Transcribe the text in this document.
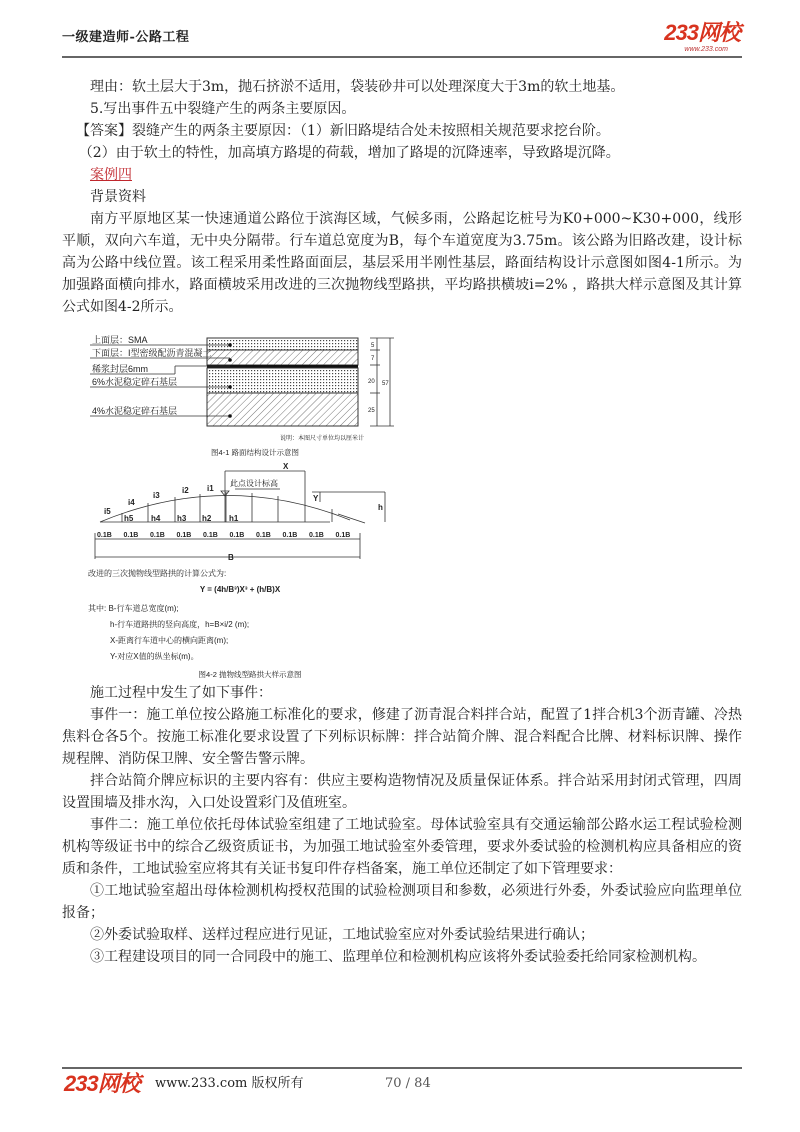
一级建造师-公路工程	233网校
www.233.com

理由：软土层大于3m，抛石挤淤不适用，袋装砂井可以处理深度大于3m的软土地基。

5.写出事件五中裂缝产生的两条主要原因。

【答案】裂缝产生的两条主要原因：（1）新旧路堤结合处未按照相关规范要求挖台阶。

（2）由于软土的特性，加高填方路堤的荷载，增加了路堤的沉降速率，导致路堤沉降。

案例四

背景资料

南方平原地区某一快速通道公路位于滨海区域，气候多雨，公路起讫桩号为K0+000~K30+000，线形平顺，双向六车道，无中央分隔带。行车道总宽度为B，每个车道宽度为3.75m。该公路为旧路改建，设计标高为公路中线位置。该工程采用柔性路面面层，基层采用半刚性基层，路面结构设计示意图如图4-1所示。为加强路面横向排水，路面横坡采用改进的三次抛物线型路拱，平均路拱横坡i=2% ，路拱大样示意图及其计算公式如图4-2所示。

上面层：SMA
下面层：I型密级配沥青混凝土
稀浆封层6mm
6%水泥稳定碎石基层
4%水泥稳定碎石基层
5
7
20
25
57
说明：本图尺寸单位均以厘米计
图4-1 路面结构设计示意图
X
此点设计标高
i5
i4
i3
i2 i1
h5 h4 h3 h2 h1
Y
h
0.1B 0.1B 0.1B 0.1B 0.1B 0.1B 0.1B 0.1B 0.1B 0.1B
B
改进的三次抛物线型路拱的计算公式为:
Y = (4h/B³)X³ + (h/B)X
其中: B-行车道总宽度(m);
h-行车道路拱的竖向高度，h=B×i/2 (m);
X-距离行车道中心的横向距离(m);
Y-对应X值的纵坐标(m)。
图4-2 抛物线型路拱大样示意图

施工过程中发生了如下事件：

事件一：施工单位按公路施工标准化的要求，修建了沥青混合料拌合站，配置了1拌合机3个沥青罐、冷热焦料仓各5个。按施工标准化要求设置了下列标识标牌：拌合站简介牌、混合料配合比牌、材料标识牌、操作规程牌、消防保卫牌、安全警告警示牌。

拌合站简介牌应标识的主要内容有：供应主要构造物情况及质量保证体系。拌合站采用封闭式管理，四周设置围墙及排水沟，入口处设置彩门及值班室。

事件二：施工单位依托母体试验室组建了工地试验室。母体试验室具有交通运输部公路水运工程试验检测机构等级证书中的综合乙级资质证书，为加强工地试验室外委管理，要求外委试验的检测机构应具备相应的资质和条件，工地试验室应将其有关证书复印件存档备案，施工单位还制定了如下管理要求：

①工地试验室超出母体检测机构授权范围的试验检测项目和参数，必须进行外委，外委试验应向监理单位报备；

②外委试验取样、送样过程应进行见证，工地试验室应对外委试验结果进行确认；

③工程建设项目的同一合同段中的施工、监理单位和检测机构应该将外委试验委托给同家检测机构。

233网校 www.233.com 版权所有	70 / 84
